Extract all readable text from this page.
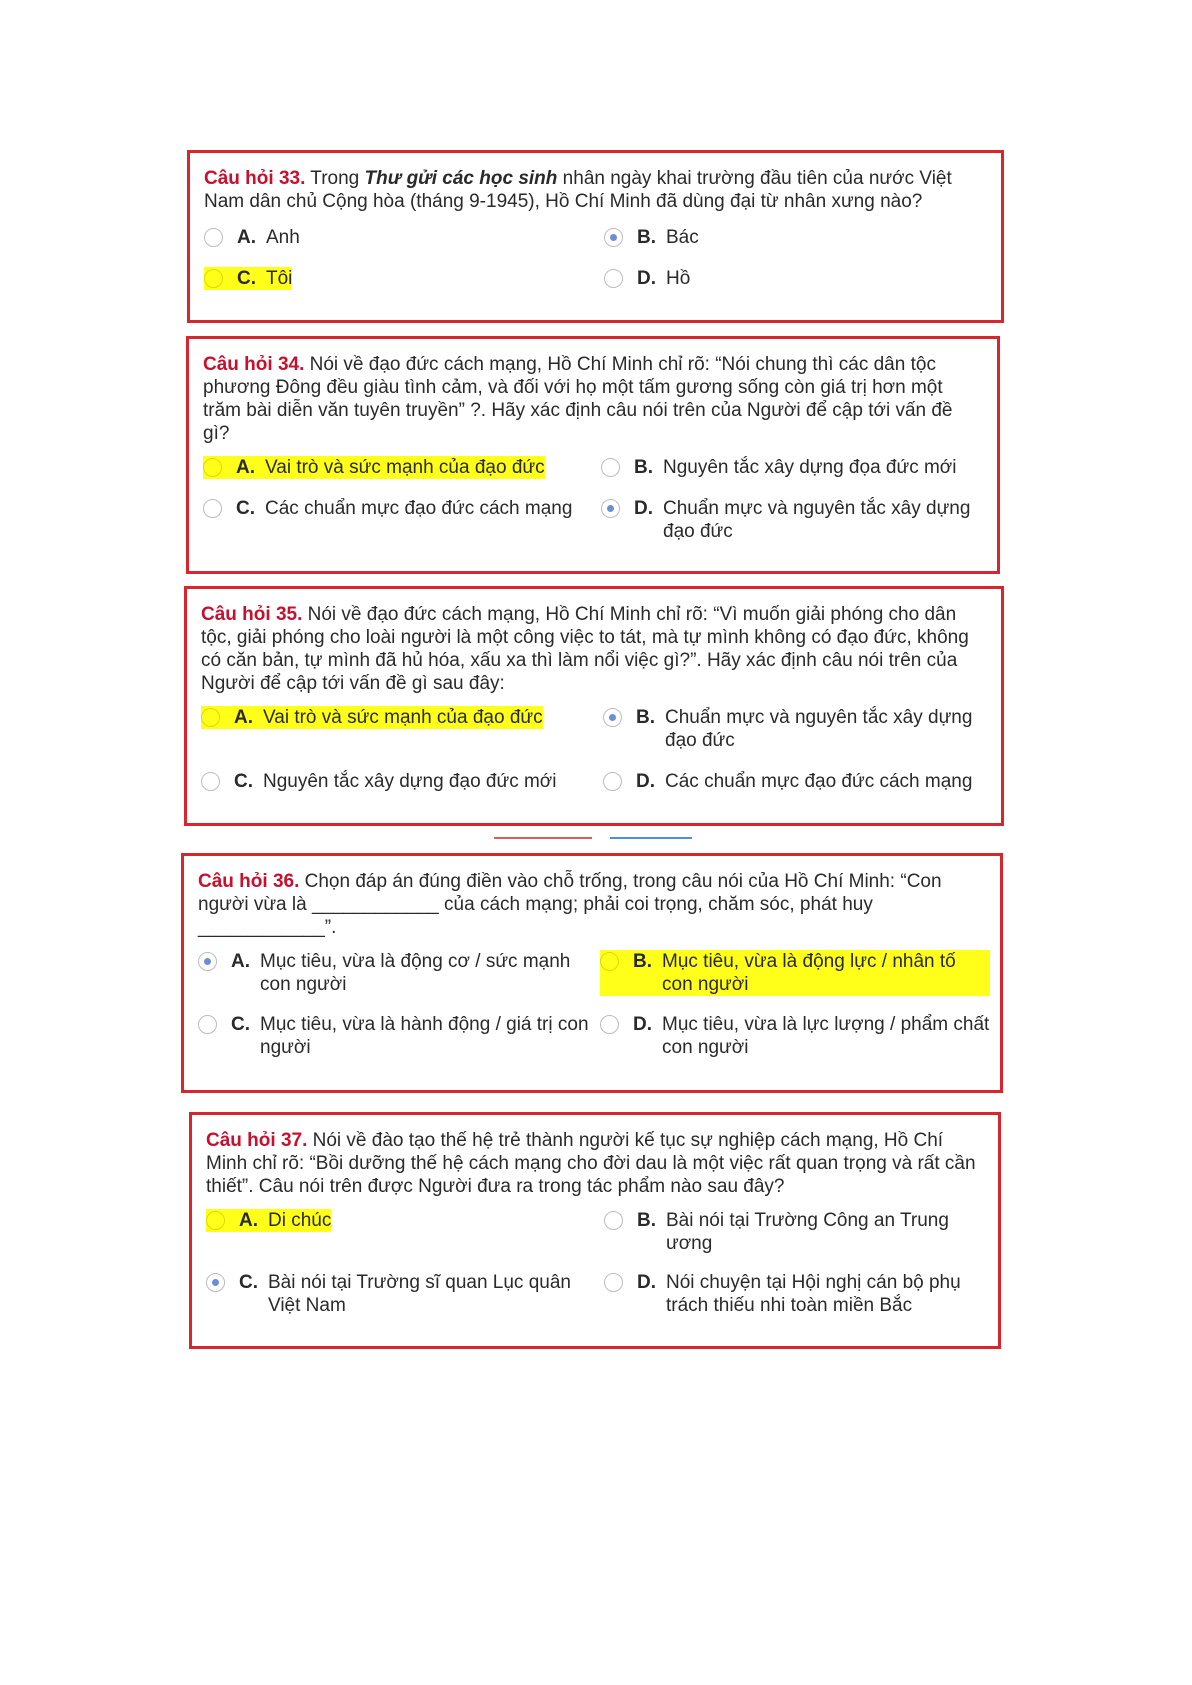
Câu hỏi 33. Trong Thư gửi các học sinh nhân ngày khai trường đầu tiên của nước Việt Nam dân chủ Cộng hòa (tháng 9-1945), Hồ Chí Minh đã dùng đại từ nhân xưng nào?
A. Anh	B. Bác
C. Tôi	D. Hồ
Câu hỏi 34. Nói về đạo đức cách mạng, Hồ Chí Minh chỉ rõ: “Nói chung thì các dân tộc phương Đông đều giàu tình cảm, và đối với họ một tấm gương sống còn giá trị hơn một trăm bài diễn văn tuyên truyền” ?. Hãy xác định câu nói trên của Người để cập tới vấn đề gì?
A. Vai trò và sức mạnh của đạo đức	B. Nguyên tắc xây dựng đọa đức mới
C. Các chuẩn mực đạo đức cách mạng	D. Chuẩn mực và nguyên tắc xây dựng đạo đức
Câu hỏi 35. Nói về đạo đức cách mạng, Hồ Chí Minh chỉ rõ: “Vì muốn giải phóng cho dân tộc, giải phóng cho loài người là một công việc to tát, mà tự mình không có đạo đức, không có căn bản, tự mình đã hủ hóa, xấu xa thì làm nổi việc gì?”. Hãy xác định câu nói trên của Người để cập tới vấn đề gì sau đây:
A. Vai trò và sức mạnh của đạo đức	B. Chuẩn mực và nguyên tắc xây dựng đạo đức
C. Nguyên tắc xây dựng đạo đức mới	D. Các chuẩn mực đạo đức cách mạng
Câu hỏi 36. Chọn đáp án đúng điền vào chỗ trống, trong câu nói của Hồ Chí Minh: “Con người vừa là ____________ của cách mạng; phải coi trọng, chăm sóc, phát huy ____________”.
A. Mục tiêu, vừa là động cơ / sức mạnh con người
B. Mục tiêu, vừa là động lực / nhân tố con người
C. Mục tiêu, vừa là hành động / giá trị con người
D. Mục tiêu, vừa là lực lượng / phẩm chất con người
Câu hỏi 37. Nói về đào tạo thế hệ trẻ thành người kế tục sự nghiệp cách mạng, Hồ Chí Minh chỉ rõ: “Bồi dưỡng thế hệ cách mạng cho đời dau là một việc rất quan trọng và rất cần thiết”. Câu nói trên được Người đưa ra trong tác phẩm nào sau đây?
A. Di chúc	B. Bài nói tại Trường Công an Trung ương
C. Bài nói tại Trường sĩ quan Lục quân Việt Nam
D. Nói chuyện tại Hội nghị cán bộ phụ trách thiếu nhi toàn miền Bắc
